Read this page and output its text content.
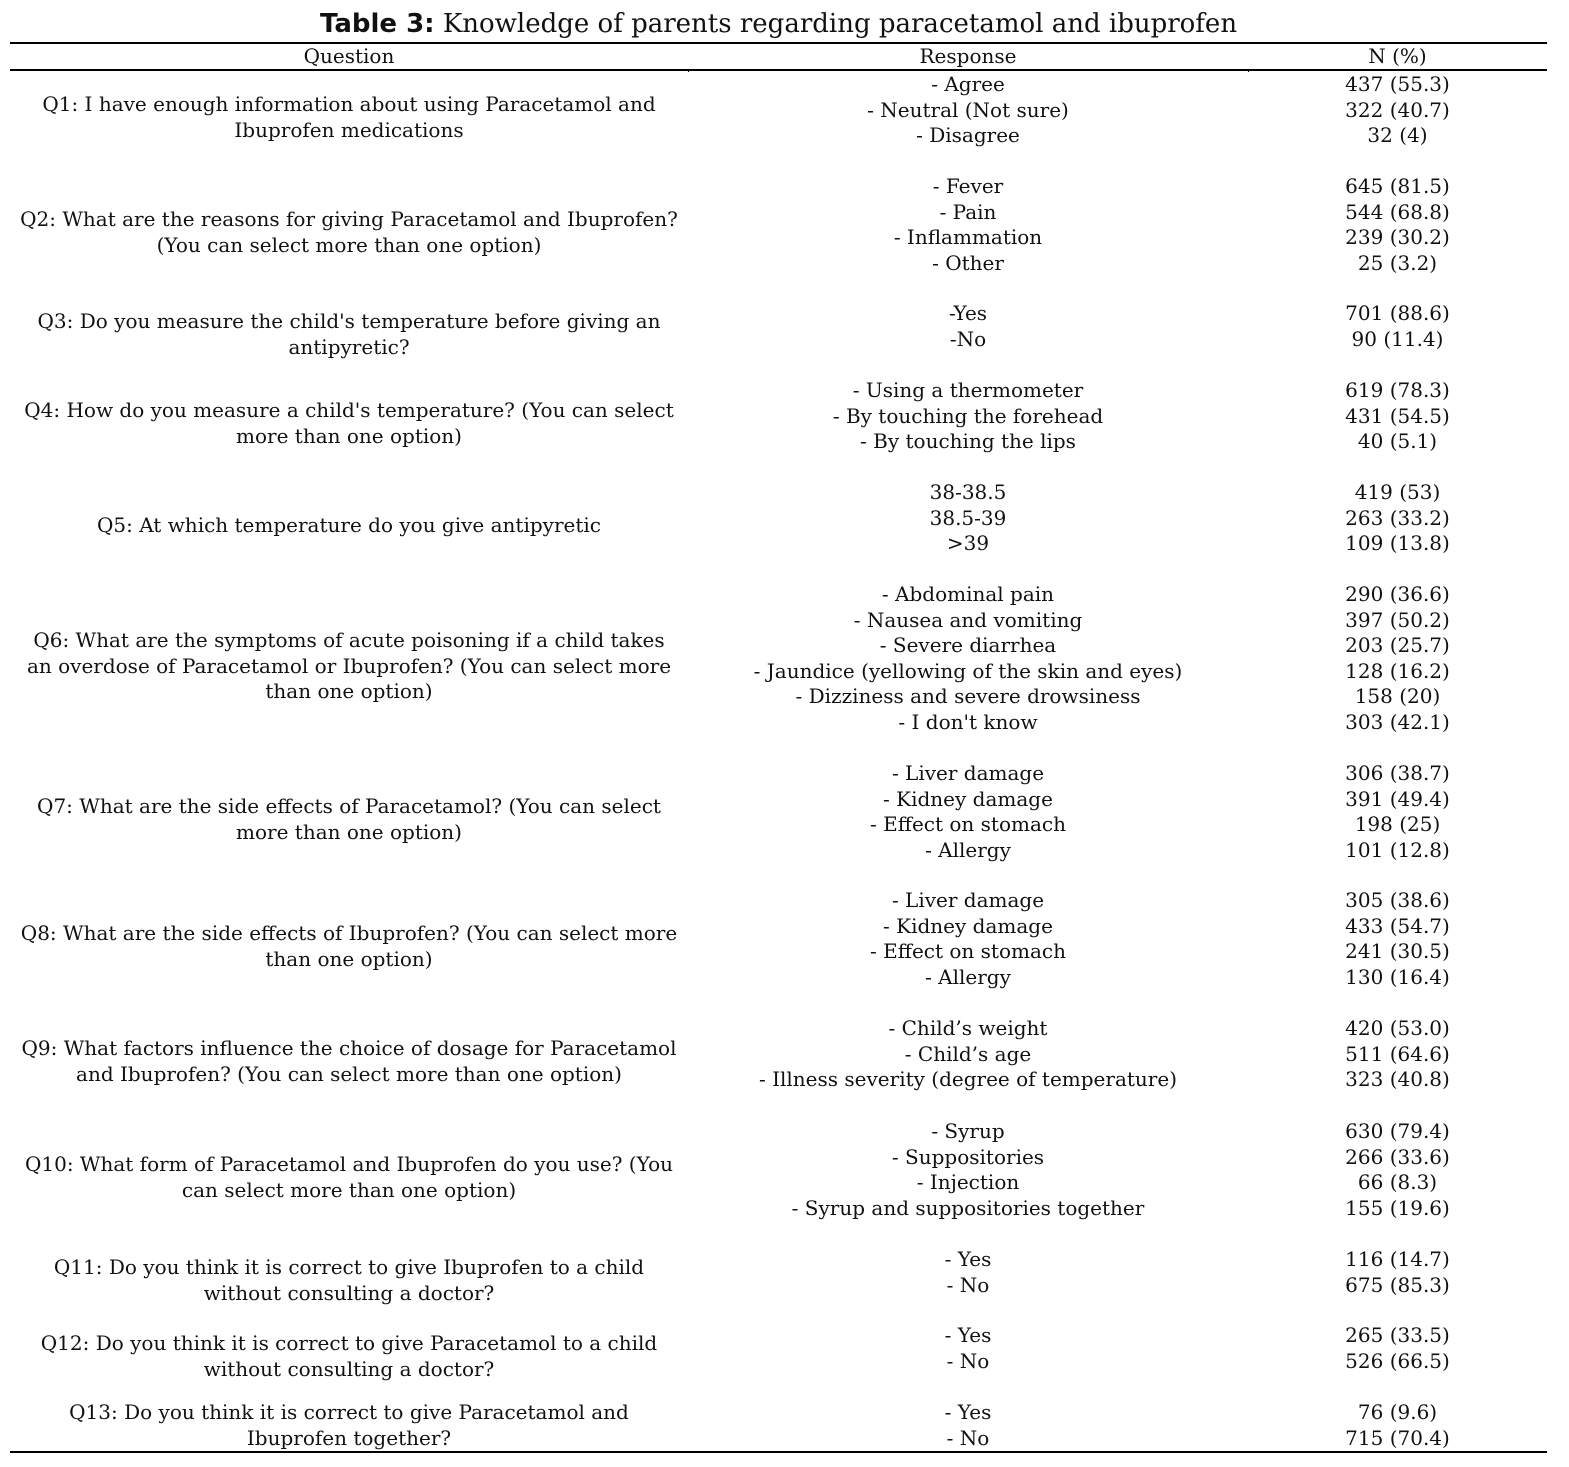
Table 3: Knowledge of parents regarding paracetamol and ibuprofen
Question	Response	N (%)
Q1: I have enough information about using Paracetamol and Ibuprofen medications
- Agree
- Neutral (Not sure)
- Disagree
437 (55.3)
322 (40.7)
32 (4)
Q2: What are the reasons for giving Paracetamol and Ibuprofen? (You can select more than one option)
- Fever
- Pain
- Inflammation
- Other
645 (81.5)
544 (68.8)
239 (30.2)
25 (3.2)
Q3: Do you measure the child's temperature before giving an antipyretic?
-Yes
-No
701 (88.6)
90 (11.4)
Q4: How do you measure a child's temperature? (You can select more than one option)
- Using a thermometer
- By touching the forehead
- By touching the lips
619 (78.3)
431 (54.5)
40 (5.1)
Q5: At which temperature do you give antipyretic
38-38.5
38.5-39
>39
419 (53)
263 (33.2)
109 (13.8)
Q6: What are the symptoms of acute poisoning if a child takes an overdose of Paracetamol or Ibuprofen? (You can select more than one option)
- Abdominal pain
- Nausea and vomiting
- Severe diarrhea
- Jaundice (yellowing of the skin and eyes)
- Dizziness and severe drowsiness
- I don't know
290 (36.6)
397 (50.2)
203 (25.7)
128 (16.2)
158 (20)
303 (42.1)
Q7: What are the side effects of Paracetamol? (You can select more than one option)
- Liver damage
- Kidney damage
- Effect on stomach
- Allergy
306 (38.7)
391 (49.4)
198 (25)
101 (12.8)
Q8: What are the side effects of Ibuprofen? (You can select more than one option)
- Liver damage
- Kidney damage
- Effect on stomach
- Allergy
305 (38.6)
433 (54.7)
241 (30.5)
130 (16.4)
Q9: What factors influence the choice of dosage for Paracetamol and Ibuprofen? (You can select more than one option)
- Child’s weight
- Child’s age
- Illness severity (degree of temperature)
420 (53.0)
511 (64.6)
323 (40.8)
Q10: What form of Paracetamol and Ibuprofen do you use? (You can select more than one option)
- Syrup
- Suppositories
- Injection
- Syrup and suppositories together
630 (79.4)
266 (33.6)
66 (8.3)
155 (19.6)
Q11: Do you think it is correct to give Ibuprofen to a child without consulting a doctor?
- Yes
- No
116 (14.7)
675 (85.3)
Q12: Do you think it is correct to give Paracetamol to a child without consulting a doctor?
- Yes
- No
265 (33.5)
526 (66.5)
Q13: Do you think it is correct to give Paracetamol and Ibuprofen together?
- Yes
- No
76 (9.6)
715 (70.4)
